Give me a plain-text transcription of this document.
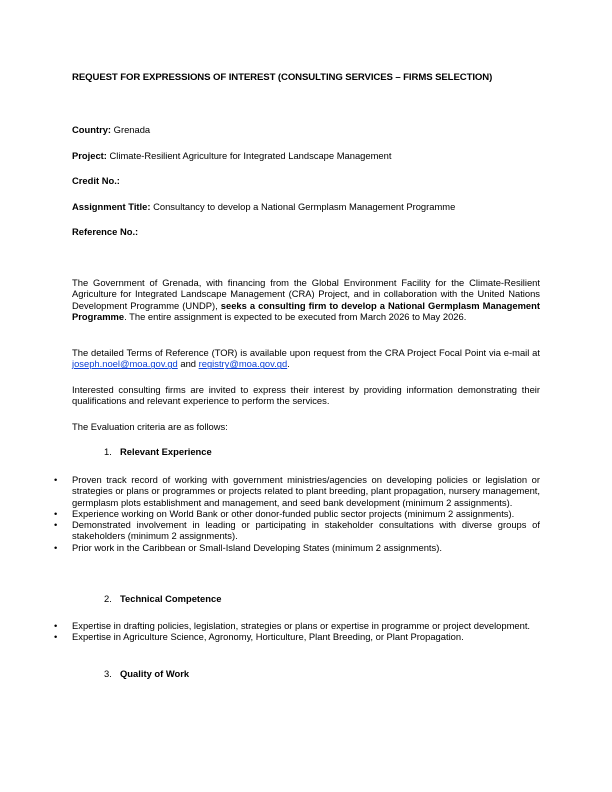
REQUEST FOR EXPRESSIONS OF INTEREST (CONSULTING SERVICES – FIRMS SELECTION)
Country: Grenada
Project: Climate-Resilient Agriculture for Integrated Landscape Management
Credit No.:
Assignment Title: Consultancy to develop a National Germplasm Management Programme
Reference No.:
The Government of Grenada, with financing from the Global Environment Facility for the Climate-Resilient Agriculture for Integrated Landscape Management (CRA) Project, and in collaboration with the United Nations Development Programme (UNDP), seeks a consulting firm to develop a National Germplasm Management Programme. The entire assignment is expected to be executed from March 2026 to May 2026.
The detailed Terms of Reference (TOR) is available upon request from the CRA Project Focal Point via e-mail at joseph.noel@moa.gov.gd and registry@moa.gov.gd.
Interested consulting firms are invited to express their interest by providing information demonstrating their qualifications and relevant experience to perform the services.
The Evaluation criteria are as follows:
1. Relevant Experience
•	Proven track record of working with government ministries/agencies on developing policies or legislation or strategies or plans or programmes or projects related to plant breeding, plant propagation, nursery management, germplasm plots establishment and management, and seed bank development (minimum 2 assignments).
•	Experience working on World Bank or other donor-funded public sector projects (minimum 2 assignments).
•	Demonstrated involvement in leading or participating in stakeholder consultations with diverse groups of stakeholders (minimum 2 assignments).
•	Prior work in the Caribbean or Small-Island Developing States (minimum 2 assignments).
2. Technical Competence
•	Expertise in drafting policies, legislation, strategies or plans or expertise in programme or project development.
•	Expertise in Agriculture Science, Agronomy, Horticulture, Plant Breeding, or Plant Propagation.
3. Quality of Work
